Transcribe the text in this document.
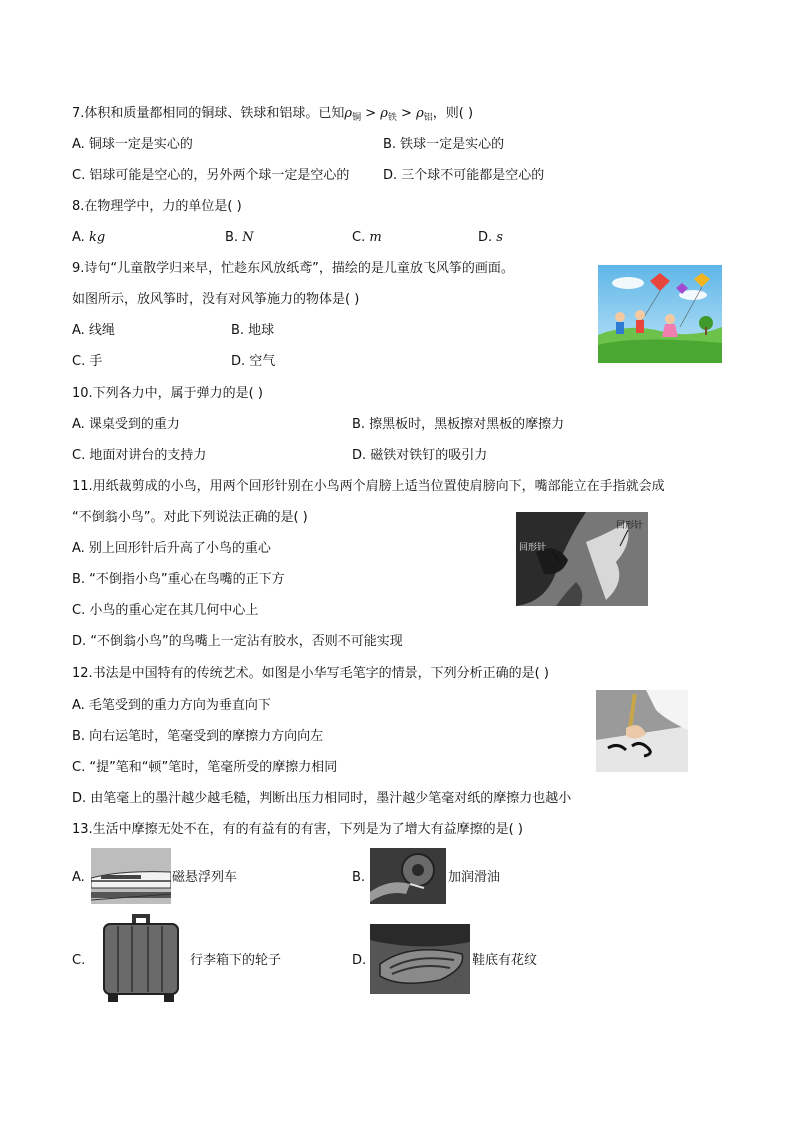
7.体积和质量都相同的铜球、铁球和铝球。已知$\rho_铜 > \rho_铁 > \rho_铝$，则( )
A. 铜球一定是实心的	B. 铁球一定是实心的
C. 铝球可能是空心的，另外两个球一定是空心的	D. 三个球不可能都是空心的
8.在物理学中，力的单位是( )
A. kg	B. N	C. m	D. s
9.诗句“儿童散学归来早，忙趁东风放纸鸢”，描绘的是儿童放飞风筝的画面。
如图所示，放风筝时，没有对风筝施力的物体是( )
A. 线绳	B. 地球
C. 手	D. 空气
10.下列各力中，属于弹力的是( )
A. 课桌受到的重力	B. 擦黑板时，黑板擦对黑板的摩擦力
C. 地面对讲台的支持力	D. 磁铁对铁钉的吸引力
11.用纸裁剪成的小鸟，用两个回形针别在小鸟两个肩膀上适当位置使肩膀向下，嘴部能立在手指就会成
“不倒翁小鸟”。对此下列说法正确的是( )
A. 别上回形针后升高了小鸟的重心
B. “不倒指小鸟”重心在鸟嘴的正下方
C. 小鸟的重心定在其几何中心上
D. “不倒翁小鸟”的鸟嘴上一定沾有胶水，否则不可能实现
回形针
回形针
12.书法是中国特有的传统艺术。如图是小华写毛笔字的情景，下列分析正确的是( )
A. 毛笔受到的重力方向为垂直向下
B. 向右运笔时，笔毫受到的摩擦力方向向左
C. “提”笔和“顿”笔时，笔毫所受的摩擦力相同
D. 由笔毫上的墨汁越少越毛糙，判断出压力相同时，墨汁越少笔毫对纸的摩擦力也越小
13.生活中摩擦无处不在，有的有益有的有害，下列是为了增大有益摩擦的是( )
A.	磁悬浮列车	B.	加润滑油
C.	行李箱下的轮子	D.	鞋底有花纹
